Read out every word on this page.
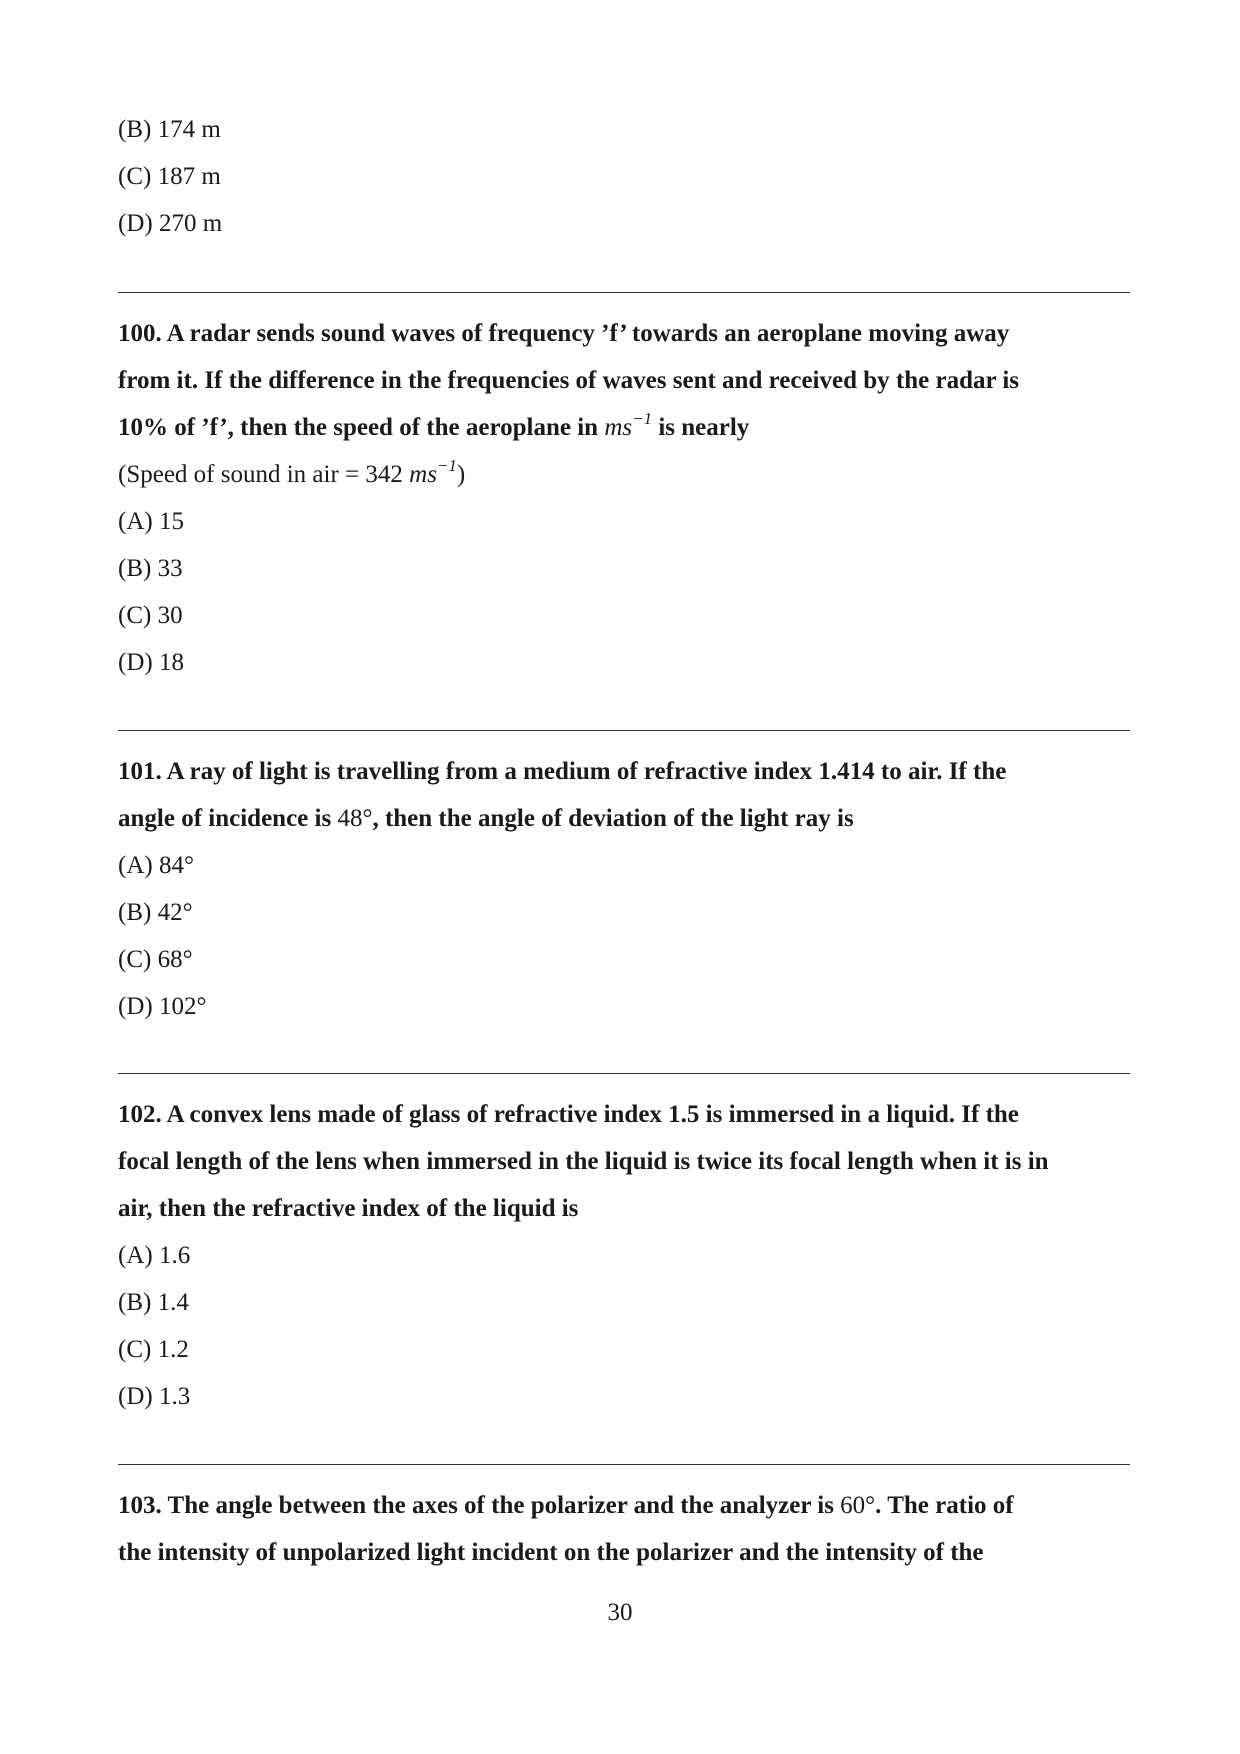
(B) 174 m
(C) 187 m
(D) 270 m
100. A radar sends sound waves of frequency ’f’ towards an aeroplane moving away
from it. If the difference in the frequencies of waves sent and received by the radar is
10% of ’f’, then the speed of the aeroplane in $ms^{-1}$ is nearly
(Speed of sound in air = 342 $ms^{-1}$)
(A) 15
(B) 33
(C) 30
(D) 18
101. A ray of light is travelling from a medium of refractive index 1.414 to air. If the
angle of incidence is 48°, then the angle of deviation of the light ray is
(A) 84°
(B) 42°
(C) 68°
(D) 102°
102. A convex lens made of glass of refractive index 1.5 is immersed in a liquid. If the
focal length of the lens when immersed in the liquid is twice its focal length when it is in
air, then the refractive index of the liquid is
(A) 1.6
(B) 1.4
(C) 1.2
(D) 1.3
103. The angle between the axes of the polarizer and the analyzer is 60°. The ratio of
the intensity of unpolarized light incident on the polarizer and the intensity of the
30
